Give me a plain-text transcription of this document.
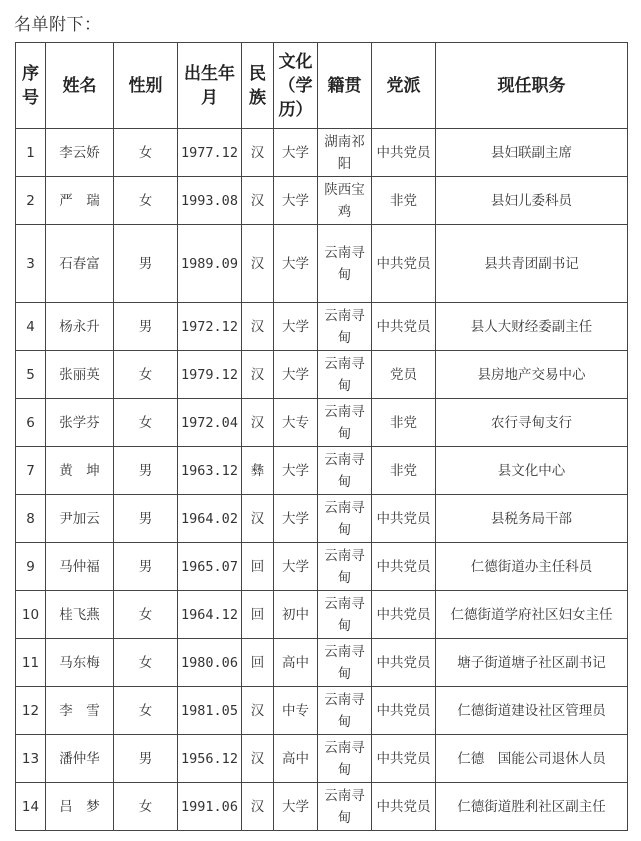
名单附下：
序号	姓名	性别	出生年月	民族	文化（学历）	籍贯	党派	现任职务
1	李云娇	女	1977.12	汉	大学	湖南祁阳	中共党员	县妇联副主席
2	严　瑞	女	1993.08	汉	大学	陕西宝鸡	非党	县妇儿委科员
3	石春富	男	1989.09	汉	大学	云南寻甸	中共党员	县共青团副书记
4	杨永升	男	1972.12	汉	大学	云南寻甸	中共党员	县人大财经委副主任
5	张丽英	女	1979.12	汉	大学	云南寻甸	党员	县房地产交易中心
6	张学芬	女	1972.04	汉	大专	云南寻甸	非党	农行寻甸支行
7	黄　坤	男	1963.12	彝	大学	云南寻甸	非党	县文化中心
8	尹加云	男	1964.02	汉	大学	云南寻甸	中共党员	县税务局干部
9	马仲福	男	1965.07	回	大学	云南寻甸	中共党员	仁德街道办主任科员
10	桂飞燕	女	1964.12	回	初中	云南寻甸	中共党员	仁德街道学府社区妇女主任
11	马东梅	女	1980.06	回	高中	云南寻甸	中共党员	塘子街道塘子社区副书记
12	李　雪	女	1981.05	汉	中专	云南寻甸	中共党员	仁德街道建设社区管理员
13	潘仲华	男	1956.12	汉	高中	云南寻甸	中共党员	仁德　国能公司退休人员
14	吕　梦	女	1991.06	汉	大学	云南寻甸	中共党员	仁德街道胜利社区副主任
